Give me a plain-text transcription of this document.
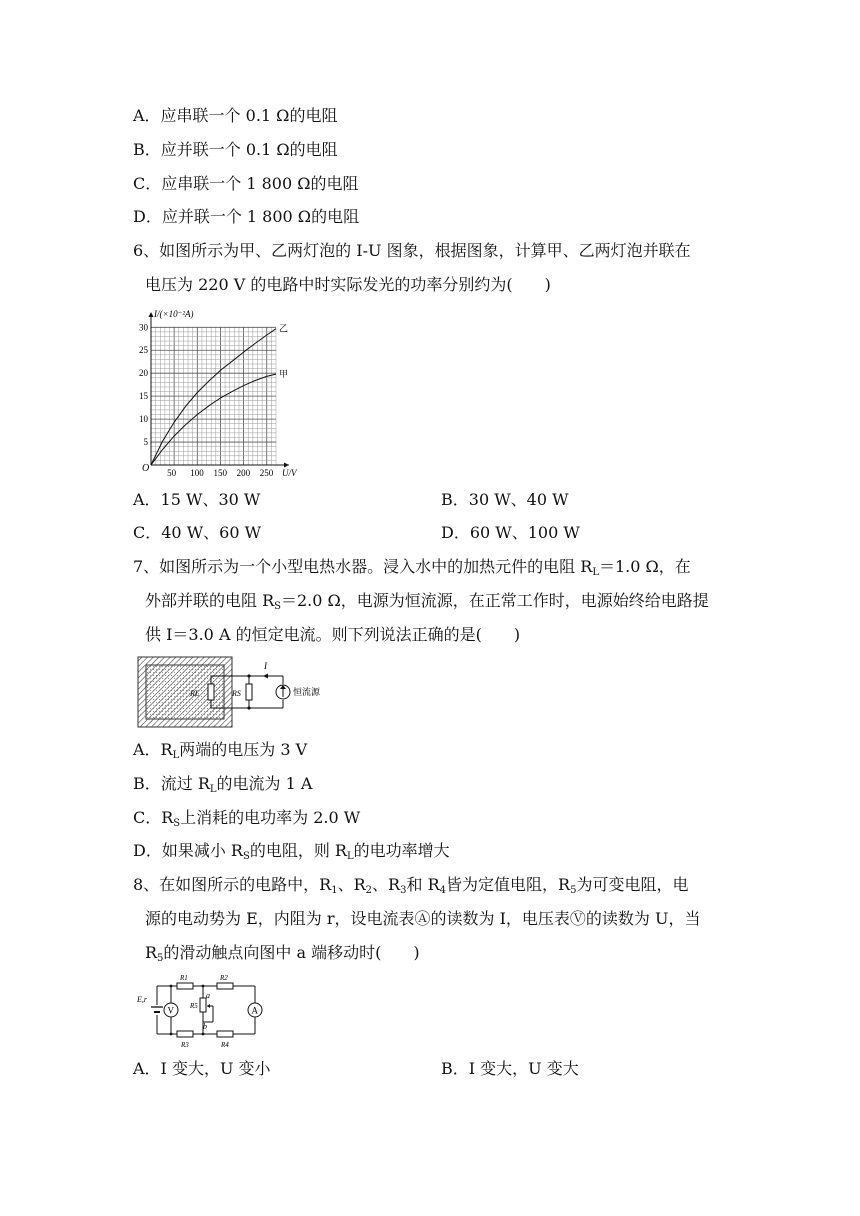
A．应串联一个 0.1 Ω的电阻
B．应并联一个 0.1 Ω的电阻
C．应串联一个 1 800 Ω的电阻
D．应并联一个 1 800 Ω的电阻
6、如图所示为甲、乙两灯泡的 I-U 图象，根据图象，计算甲、乙两灯泡并联在
电压为 220 V 的电路中时实际发光的功率分别约为(　　)
50 100 150 200 250
5
10
15
20
25
30	乙
甲
I/(×10⁻²A)
U/V
O
A．15 W、30 W	B．30 W、40 W
C．40 W、60 W	D．60 W、100 W
7、如图所示为一个小型电热水器。浸入水中的加热元件的电阻 $R_L=1.0$ Ω，在
外部并联的电阻 $R_S=2.0$ Ω，电源为恒流源，在正常工作时，电源始终给电路提
供 I＝3.0 A 的恒定电流。则下列说法正确的是(　　)
RL	RS	恒流源
I
A．$R_L$两端的电压为 3 V
B．流过 $R_L$的电流为 1 A
C．$R_S$上消耗的电功率为 2.0 W
D．如果减小 $R_S$的电阻，则 $R_L$的电功率增大
8、在如图所示的电路中，$R_1$、$R_2$、$R_3$和 $R_4$皆为定值电阻，$R_5$为可变电阻，电
源的电动势为 E，内阻为 r，设电流表Ⓐ的读数为 I，电压表Ⓥ的读数为 U，当
$R_5$的滑动触点向图中 a 端移动时(　　)
E,r
R1	R2
R3	R4
V R5
a
b
A
A．I 变大，U 变小	B．I 变大，U 变大
